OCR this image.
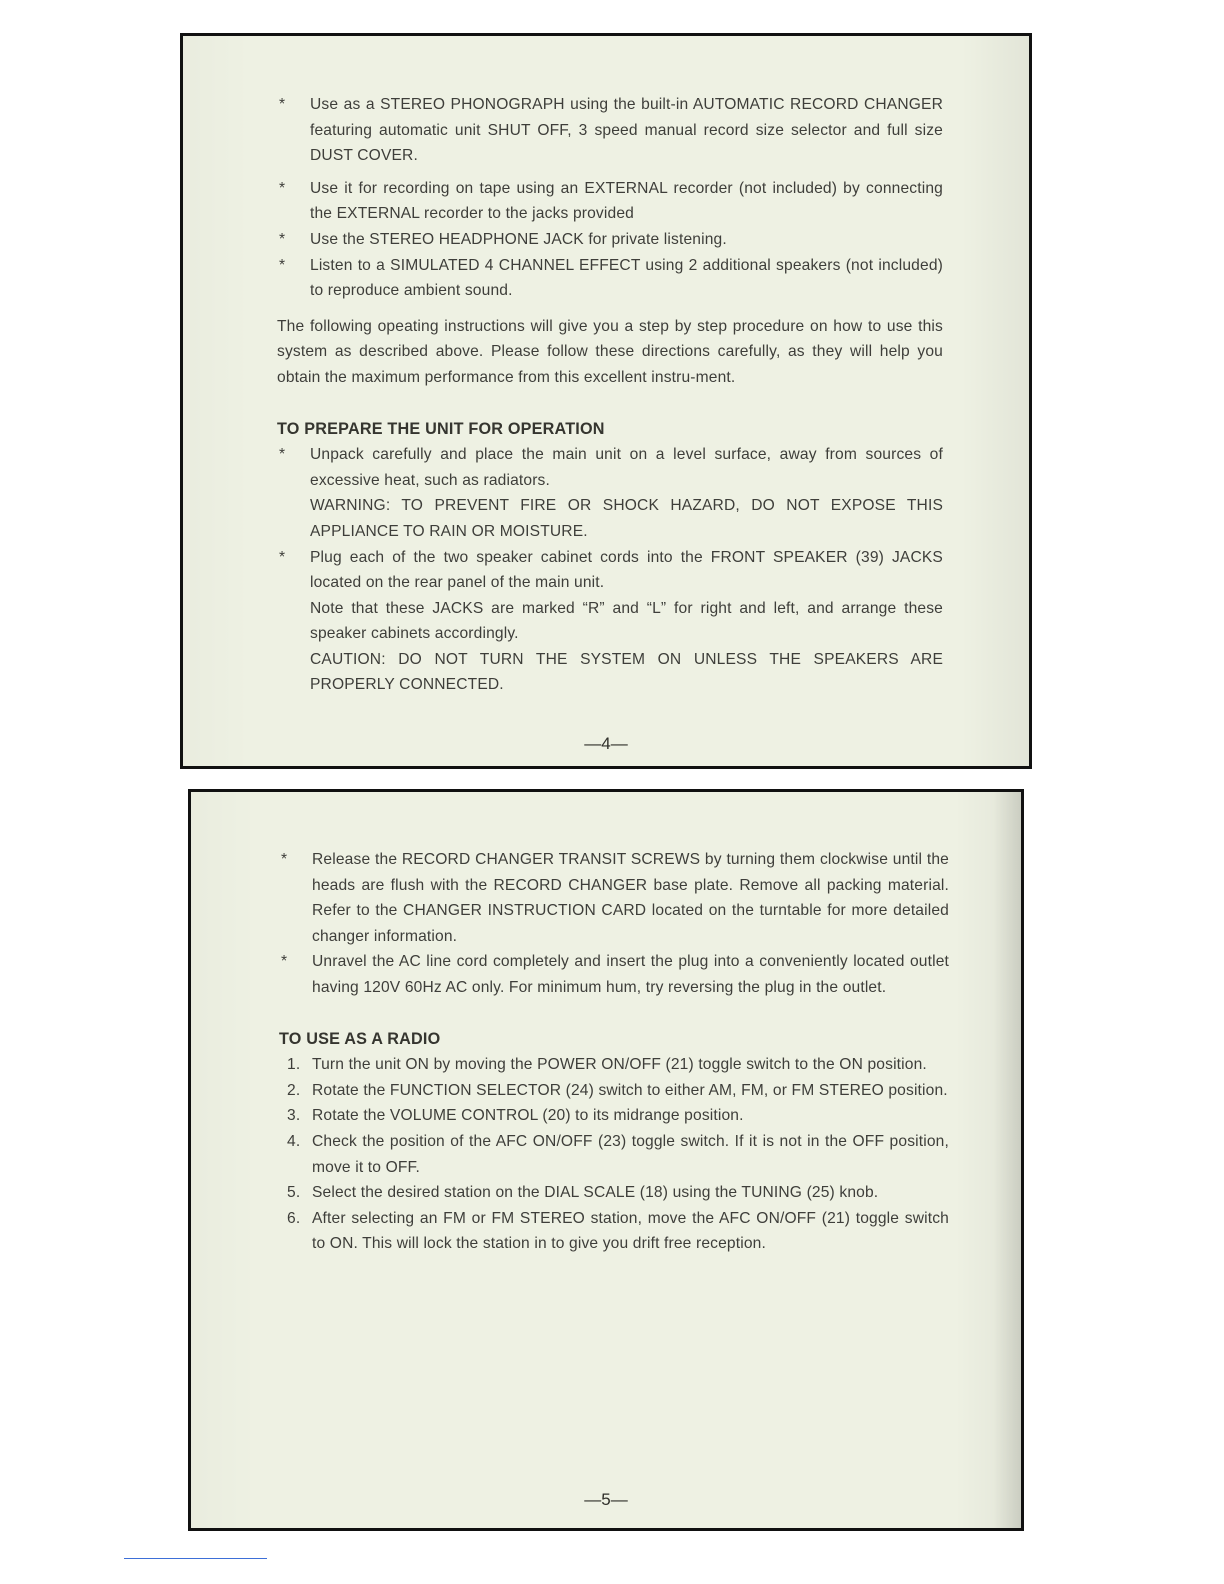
* Use as a STEREO PHONOGRAPH using the built-in AUTOMATIC RECORD CHANGER featuring automatic unit SHUT OFF, 3 speed manual record size selector and full size DUST COVER.
* Use it for recording on tape using an EXTERNAL recorder (not included) by connecting the EXTERNAL recorder to the jacks provided
* Use the STEREO HEADPHONE JACK for private listening.
* Listen to a SIMULATED 4 CHANNEL EFFECT using 2 additional speakers (not included) to reproduce ambient sound.
The following opeating instructions will give you a step by step procedure on how to use this system as described above. Please follow these directions carefully, as they will help you obtain the maximum performance from this excellent instru-ment.
TO PREPARE THE UNIT FOR OPERATION
* Unpack carefully and place the main unit on a level surface, away from sources of excessive heat, such as radiators.
WARNING: TO PREVENT FIRE OR SHOCK HAZARD, DO NOT EXPOSE THIS APPLIANCE TO RAIN OR MOISTURE.
* Plug each of the two speaker cabinet cords into the FRONT SPEAKER (39) JACKS located on the rear panel of the main unit.
Note that these JACKS are marked “R” and “L” for right and left, and arrange these speaker cabinets accordingly.
CAUTION: DO NOT TURN THE SYSTEM ON UNLESS THE SPEAKERS ARE PROPERLY CONNECTED.
—4—
* Release the RECORD CHANGER TRANSIT SCREWS by turning them clockwise until the heads are flush with the RECORD CHANGER base plate. Remove all packing material. Refer to the CHANGER INSTRUCTION CARD located on the turntable for more detailed changer information.
* Unravel the AC line cord completely and insert the plug into a conveniently located outlet having 120V 60Hz AC only. For minimum hum, try reversing the plug in the outlet.
TO USE AS A RADIO
1. Turn the unit ON by moving the POWER ON/OFF (21) toggle switch to the ON position.
2. Rotate the FUNCTION SELECTOR (24) switch to either AM, FM, or FM STEREO position.
3. Rotate the VOLUME CONTROL (20) to its midrange position.
4. Check the position of the AFC ON/OFF (23) toggle switch. If it is not in the OFF position, move it to OFF.
5. Select the desired station on the DIAL SCALE (18) using the TUNING (25) knob.
6. After selecting an FM or FM STEREO station, move the AFC ON/OFF (21) toggle switch to ON. This will lock the station in to give you drift free reception.
—5—
